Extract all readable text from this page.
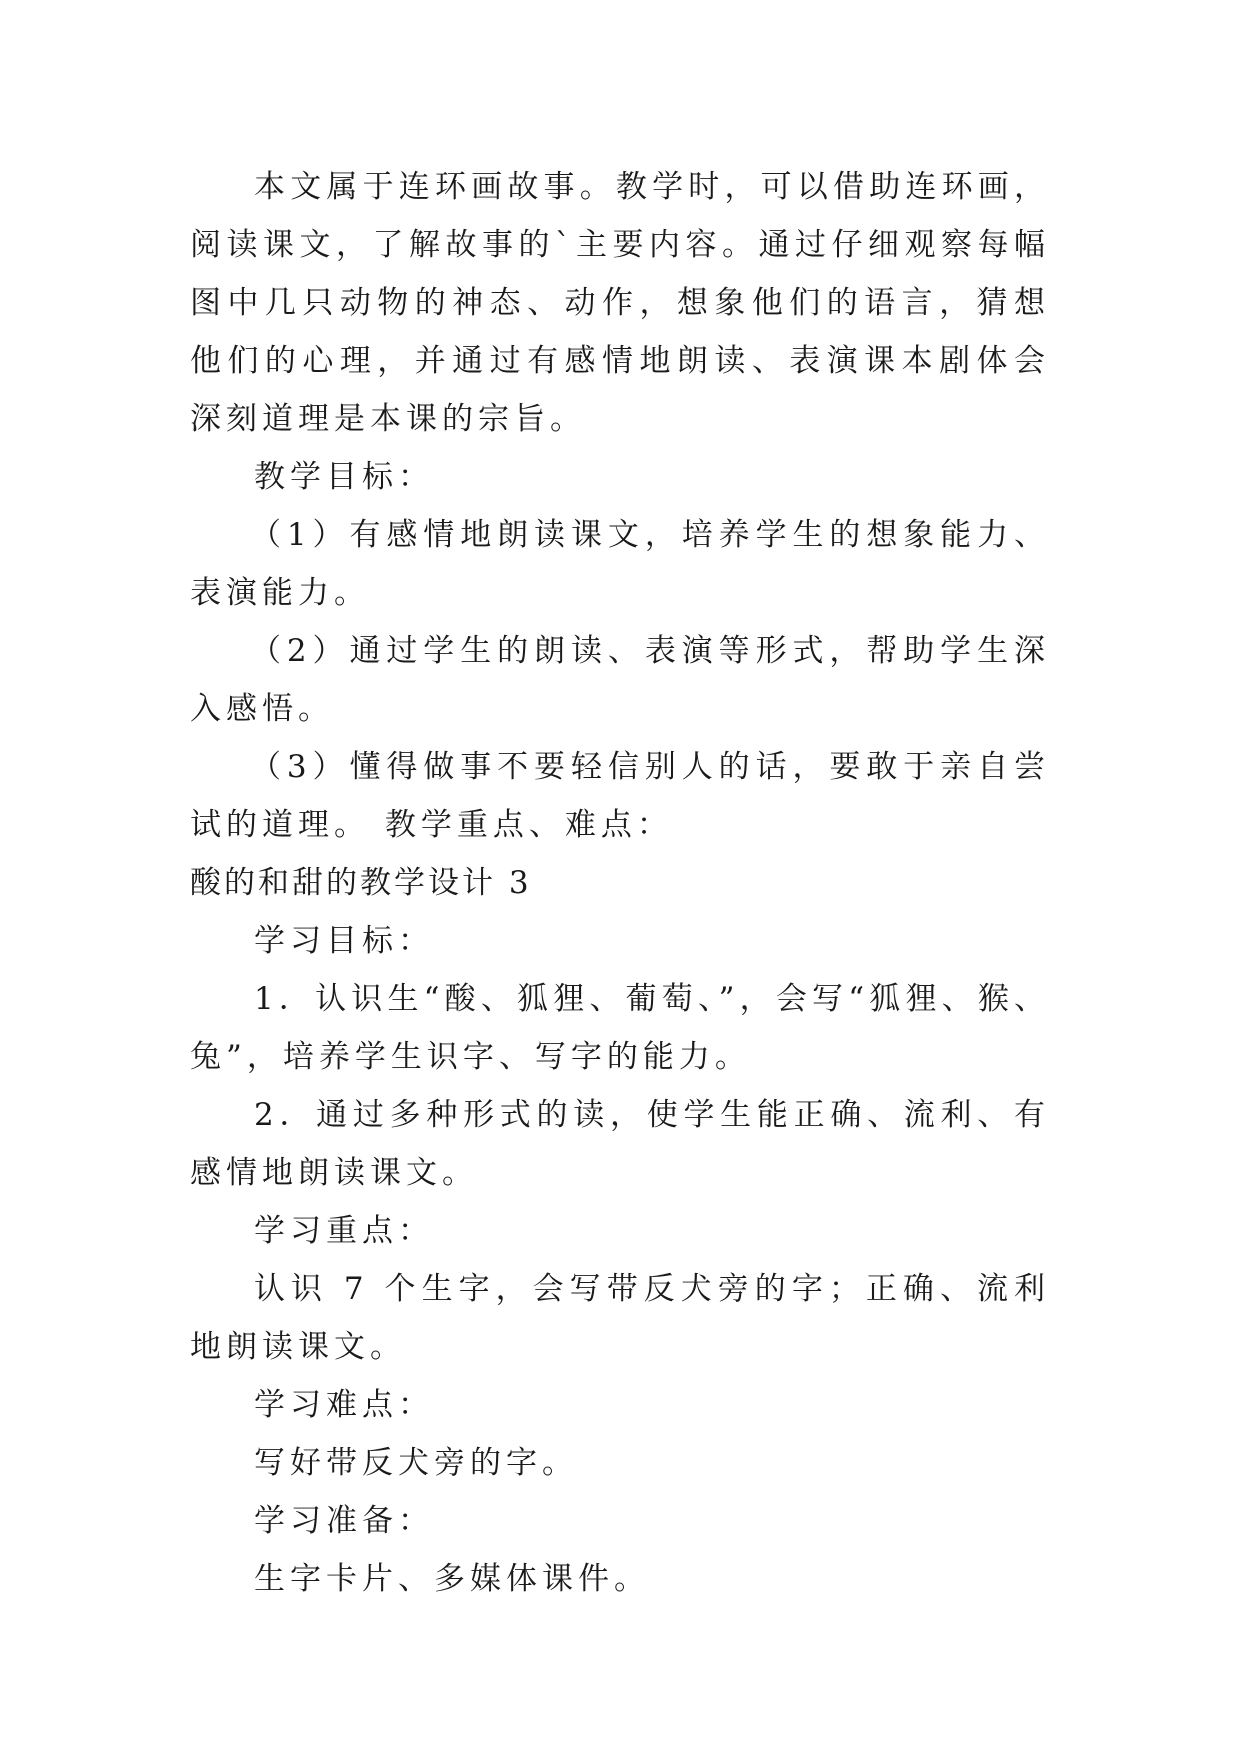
本文属于连环画故事。教学时，可以借助连环画，阅读课文，了解故事的`主要内容。通过仔细观察每幅图中几只动物的神态、动作，想象他们的语言，猜想他们的心理，并通过有感情地朗读、表演课本剧体会深刻道理是本课的宗旨。

教学目标：

（1）有感情地朗读课文，培养学生的想象能力、表演能力。

（2）通过学生的朗读、表演等形式，帮助学生深入感悟。

（3）懂得做事不要轻信别人的话，要敢于亲自尝试的道理。 教学重点、难点：

酸的和甜的教学设计 3

学习目标：

1．认识生“酸、狐狸、葡萄、”，会写“狐狸、猴、兔”，培养学生识字、写字的能力。

2．通过多种形式的读，使学生能正确、流利、有感情地朗读课文。

学习重点：

认识 7 个生字，会写带反犬旁的字；正确、流利地朗读课文。

学习难点：

写好带反犬旁的字。

学习准备：

生字卡片、多媒体课件。
